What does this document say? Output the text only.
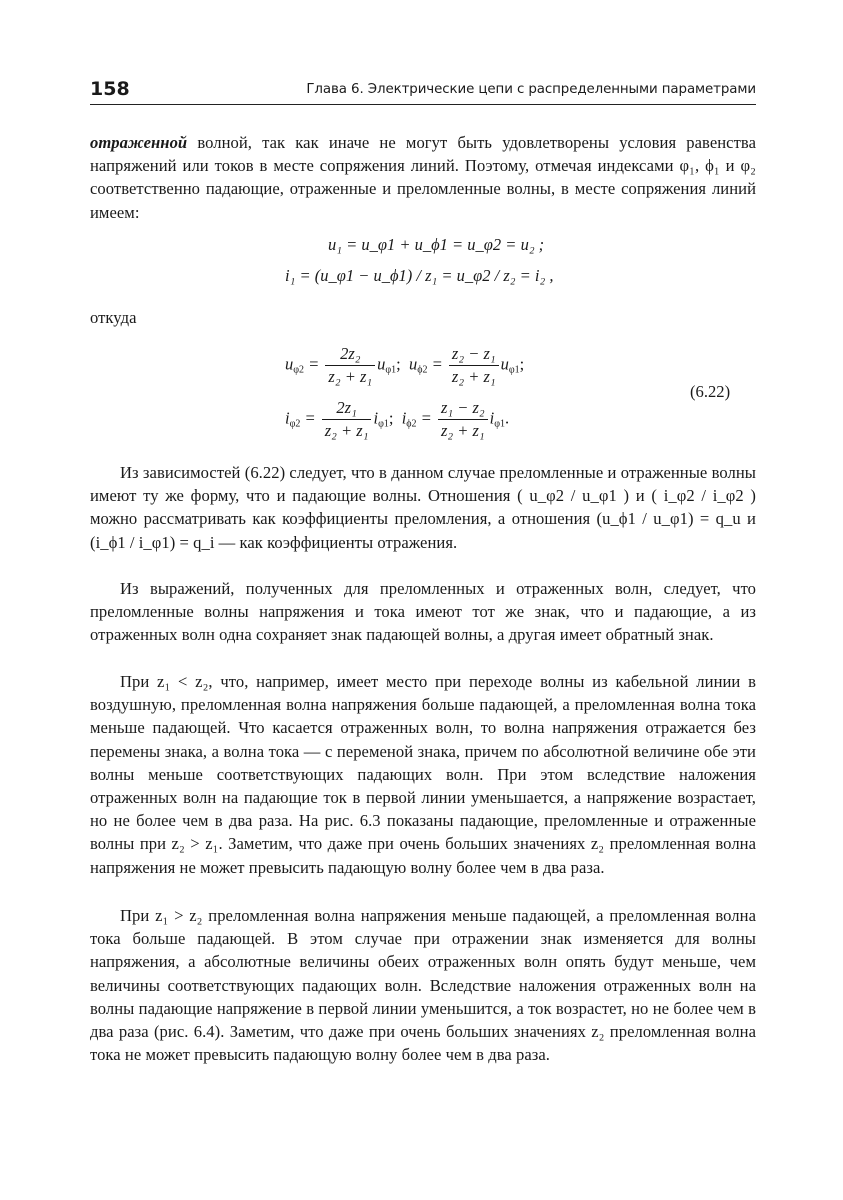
158	Глава 6. Электрические цепи с распределенными параметрами

отраженной волной, так как иначе не могут быть удовлетворены условия равенства напряжений или токов в месте сопряжения линий. Поэтому, отмечая индексами φ₁, ϕ₁ и φ₂ соответственно падающие, отраженные и преломленные волны, в месте сопряжения линий имеем:

u₁ = u_φ1 + u_ϕ1 = u_φ2 = u₂ ;
i₁ = (u_φ1 − u_ϕ1) / z₁ = u_φ2 / z₂ = i₂ ,

откуда

$u_{\varphi 2} = \frac{\text{2z₂}}{\text{z₂ + z₁}} u_{\varphi 1}$;  $u_{\phi 2} = \frac{\text{z₂ − z₁}}{\text{z₂ + z₁}} u_{\varphi 1}$;
$i_{\varphi 2} = \frac{\text{2z₁}}{\text{z₂ + z₁}} i_{\varphi 1}$;  $i_{\phi 2} = \frac{\text{z₁ − z₂}}{\text{z₂ + z₁}} i_{\varphi 1}$.
(6.22)

Из зависимостей (6.22) следует, что в данном случае преломленные и отраженные волны имеют ту же форму, что и падающие волны. Отношения ( u_φ2 / u_φ1 ) и ( i_φ2 / i_φ2 ) можно рассматривать как коэффициенты преломления, а отношения (u_ϕ1 / u_φ1) = q_u и (i_ϕ1 / i_φ1) = q_i — как коэффициенты отражения.

Из выражений, полученных для преломленных и отраженных волн, следует, что преломленные волны напряжения и тока имеют тот же знак, что и падающие, а из отраженных волн одна сохраняет знак падающей волны, а другая имеет обратный знак.

При z₁ < z₂, что, например, имеет место при переходе волны из кабельной линии в воздушную, преломленная волна напряжения больше падающей, а преломленная волна тока меньше падающей. Что касается отраженных волн, то волна напряжения отражается без перемены знака, а волна тока — с переменой знака, причем по абсолютной величине обе эти волны меньше соответствующих падающих волн. При этом вследствие наложения отраженных волн на падающие ток в первой линии уменьшается, а напряжение возрастает, но не более чем в два раза. На рис. 6.3 показаны падающие, преломленные и отраженные волны при z₂ > z₁. Заметим, что даже при очень больших значениях z₂ преломленная волна напряжения не может превысить падающую волну более чем в два раза.

При z₁ > z₂ преломленная волна напряжения меньше падающей, а преломленная волна тока больше падающей. В этом случае при отражении знак изменяется для волны напряжения, а абсолютные величины обеих отраженных волн опять будут меньше, чем величины соответствующих падающих волн. Вследствие наложения отраженных волн на волны падающие напряжение в первой линии уменьшится, а ток возрастет, но не более чем в два раза (рис. 6.4). Заметим, что даже при очень больших значениях z₂ преломленная волна тока не может превысить падающую волну более чем в два раза.
